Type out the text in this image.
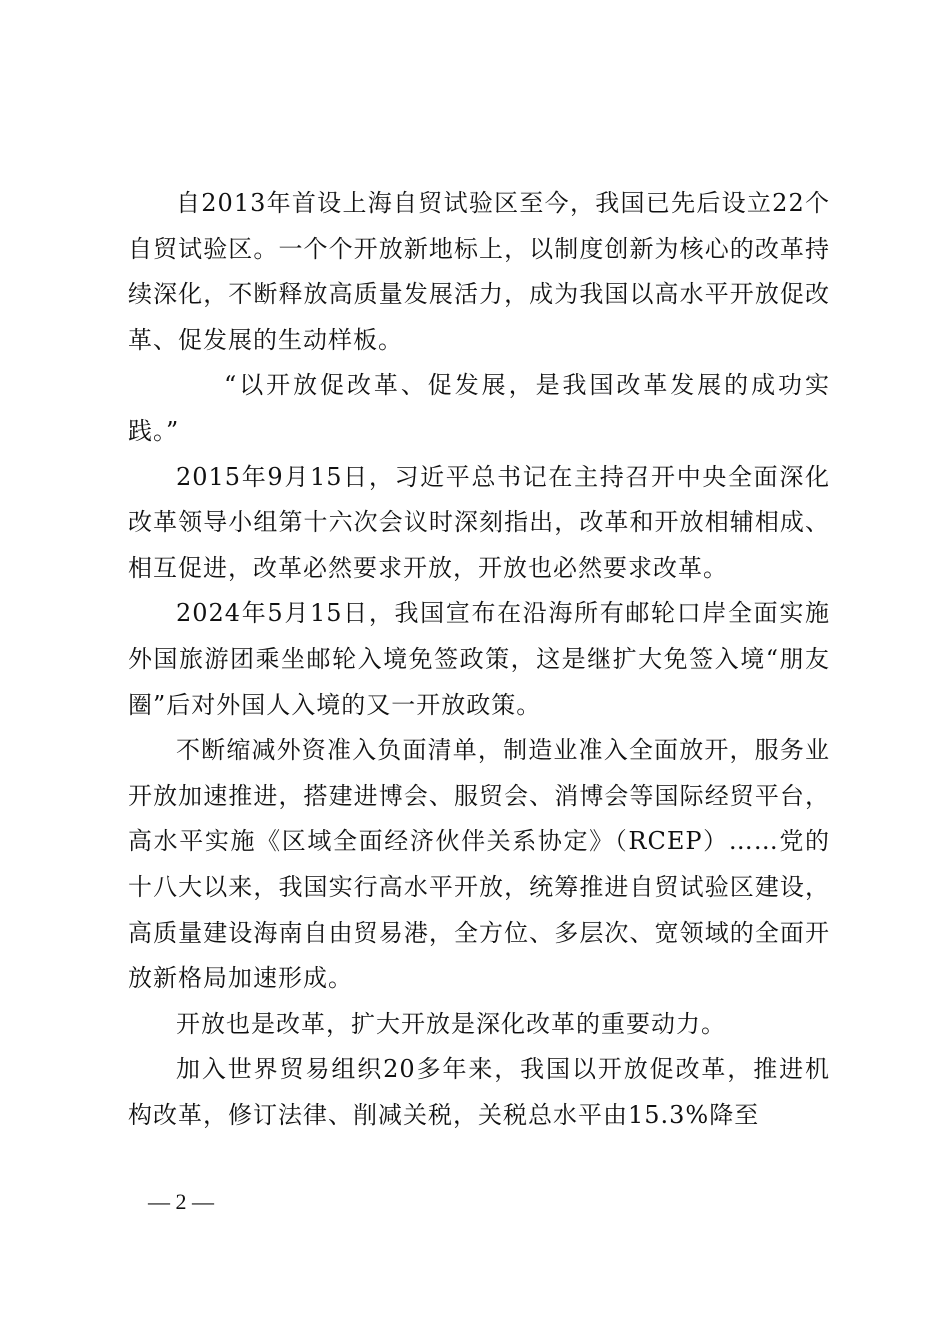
自2013年首设上海自贸试验区至今，我国已先后设立22个自贸试验区。一个个开放新地标上，以制度创新为核心的改革持续深化，不断释放高质量发展活力，成为我国以高水平开放促改革、促发展的生动样板。

“以开放促改革、促发展，是我国改革发展的成功实践。”

2015年9月15日，习近平总书记在主持召开中央全面深化改革领导小组第十六次会议时深刻指出，改革和开放相辅相成、相互促进，改革必然要求开放，开放也必然要求改革。

2024年5月15日，我国宣布在沿海所有邮轮口岸全面实施外国旅游团乘坐邮轮入境免签政策，这是继扩大免签入境“朋友圈”后对外国人入境的又一开放政策。

不断缩减外资准入负面清单，制造业准入全面放开，服务业开放加速推进，搭建进博会、服贸会、消博会等国际经贸平台，高水平实施《区域全面经济伙伴关系协定》（RCEP）……党的十八大以来，我国实行高水平开放，统筹推进自贸试验区建设，高质量建设海南自由贸易港，全方位、多层次、宽领域的全面开放新格局加速形成。

开放也是改革，扩大开放是深化改革的重要动力。

加入世界贸易组织20多年来，我国以开放促改革，推进机构改革，修订法律、削减关税，关税总水平由15.3%降至

— 2 —
